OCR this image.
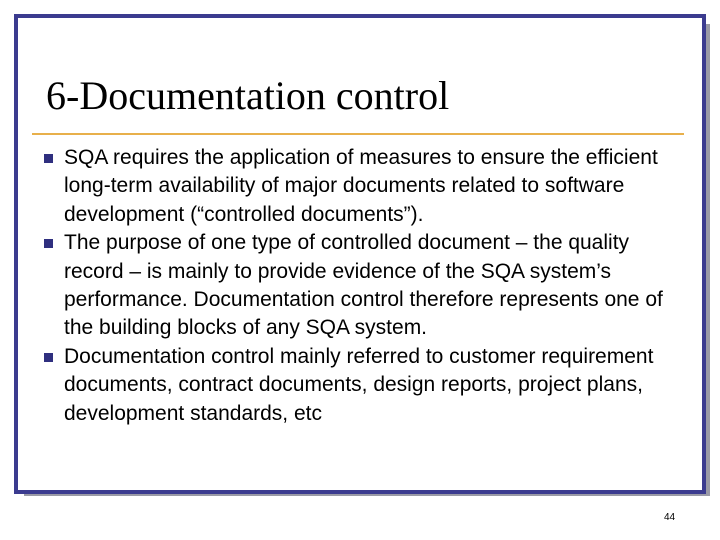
6-Documentation control
SQA requires the application of measures to ensure the efficient long-term availability of major documents related to software development (“controlled documents”).
The purpose of one type of controlled document – the quality record – is mainly to provide evidence of the SQA system’s performance. Documentation control therefore represents one of the building blocks of any SQA system.
Documentation control mainly referred to customer requirement documents, contract documents, design reports, project plans, development standards, etc
44
